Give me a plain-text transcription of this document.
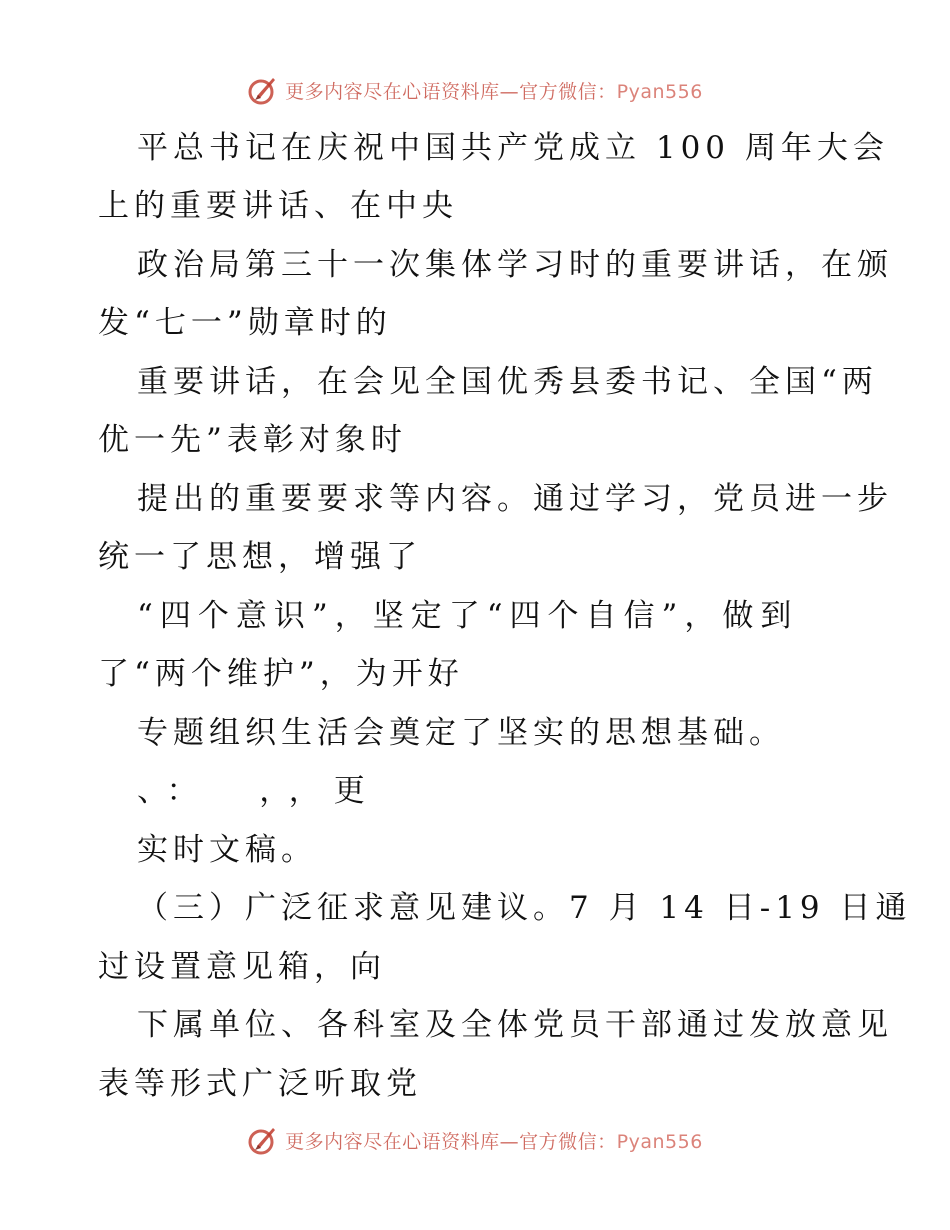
更多内容尽在心语资料库—官方微信：Pyan556
平总书记在庆祝中国共产党成立 100 周年大会
上的重要讲话、在中央
政治局第三十一次集体学习时的重要讲话，在颁
发“七一”勋章时的
重要讲话，在会见全国优秀县委书记、全国“两
优一先”表彰对象时
提出的重要要求等内容。通过学习，党员进一步
统一了思想，增强了
“四个意识”，坚定了“四个自信”，做到
了“两个维护”，为开好
专题组织生活会奠定了坚实的思想基础。
、：  ，，更
实时文稿。
（三）广泛征求意见建议。7 月 14 日-19 日通
过设置意见箱，向
下属单位、各科室及全体党员干部通过发放意见
表等形式广泛听取党
更多内容尽在心语资料库—官方微信：Pyan556
